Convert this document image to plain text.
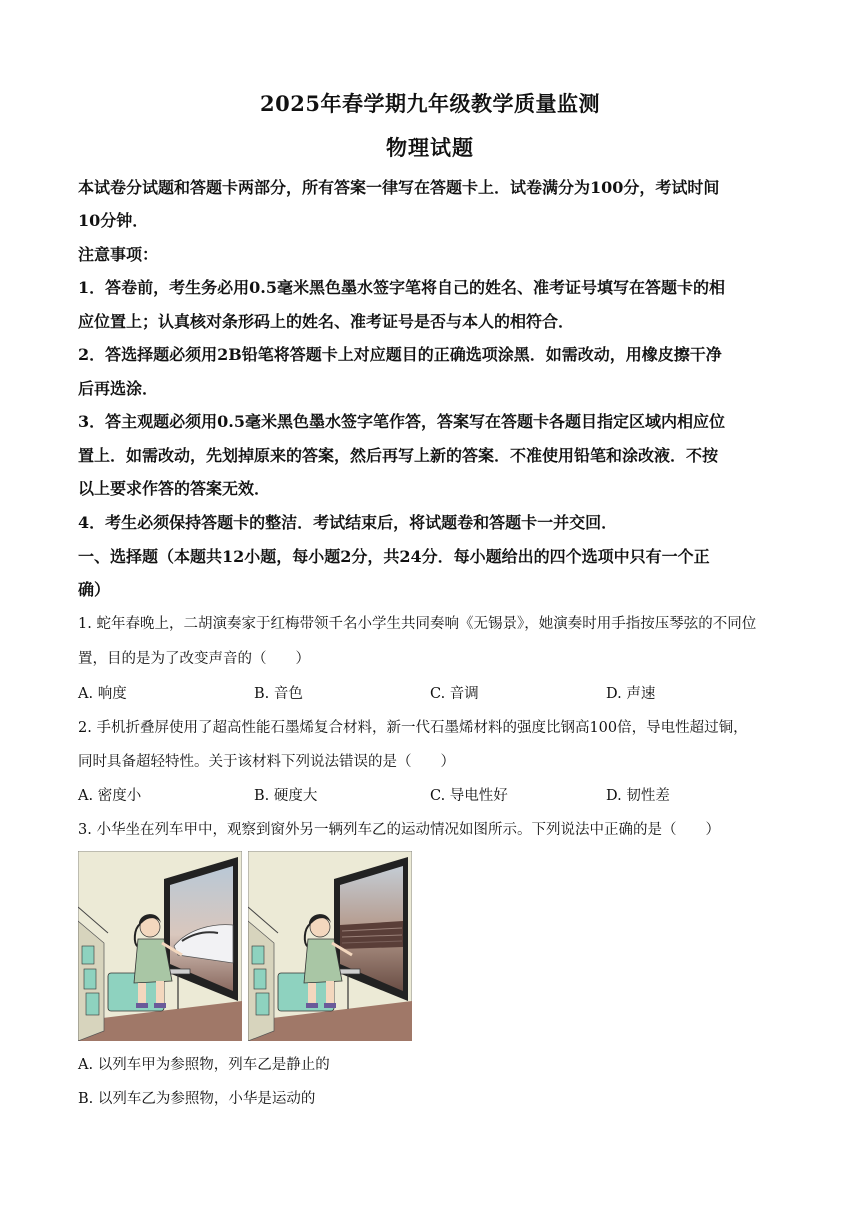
2025年春学期九年级教学质量监测
物理试题
本试卷分试题和答题卡两部分，所有答案一律写在答题卡上．试卷满分为100分，考试时间
10分钟．
注意事项：
1．答卷前，考生务必用0.5毫米黑色墨水签字笔将自己的姓名、准考证号填写在答题卡的相
应位置上；认真核对条形码上的姓名、准考证号是否与本人的相符合．
2．答选择题必须用2B铅笔将答题卡上对应题目的正确选项涂黑．如需改动，用橡皮擦干净
后再选涂．
3．答主观题必须用0.5毫米黑色墨水签字笔作答，答案写在答题卡各题目指定区域内相应位
置上．如需改动，先划掉原来的答案，然后再写上新的答案．不准使用铅笔和涂改液．不按
以上要求作答的答案无效．
4．考生必须保持答题卡的整洁．考试结束后，将试题卷和答题卡一并交回．
一、选择题（本题共12小题，每小题2分，共24分．每小题给出的四个选项中只有一个正
确）
1. 蛇年春晚上，二胡演奏家于红梅带领千名小学生共同奏响《无锡景》，她演奏时用手指按压琴弦的不同位
置，目的是为了改变声音的（　　）
A. 响度	B. 音色	C. 音调	D. 声速
2. 手机折叠屏使用了超高性能石墨烯复合材料，新一代石墨烯材料的强度比钢高100倍，导电性超过铜，
同时具备超轻特性。关于该材料下列说法错误的是（　　）
A. 密度小	B. 硬度大	C. 导电性好	D. 韧性差
3. 小华坐在列车甲中，观察到窗外另一辆列车乙的运动情况如图所示。下列说法中正确的是（　　）
A. 以列车甲为参照物，列车乙是静止的
B. 以列车乙为参照物，小华是运动的
